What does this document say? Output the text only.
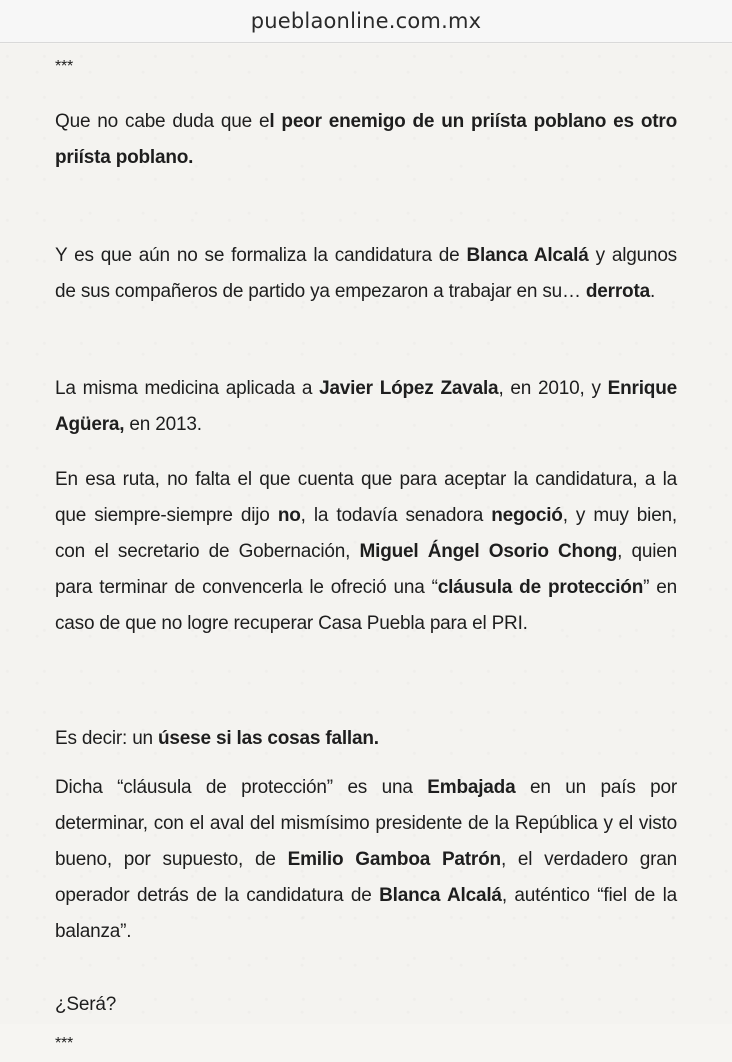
pueblaonline.com.mx
***

Que no cabe duda que el peor enemigo de un priísta poblano es otro priísta poblano.

Y es que aún no se formaliza la candidatura de Blanca Alcalá y algunos de sus compañeros de partido ya empezaron a trabajar en su… derrota.

La misma medicina aplicada a Javier López Zavala, en 2010, y Enrique Agüera, en 2013.

En esa ruta, no falta el que cuenta que para aceptar la candidatura, a la que siempre-siempre dijo no, la todavía senadora negoció, y muy bien, con el secretario de Gobernación, Miguel Ángel Osorio Chong, quien para terminar de convencerla le ofreció una “cláusula de protección” en caso de que no logre recuperar Casa Puebla para el PRI.

Es decir: un úsese si las cosas fallan.

Dicha “cláusula de protección” es una Embajada en un país por determinar, con el aval del mismísimo presidente de la República y el visto bueno, por supuesto, de Emilio Gamboa Patrón, el verdadero gran operador detrás de la candidatura de Blanca Alcalá, auténtico “fiel de la balanza”.

¿Será?

***
